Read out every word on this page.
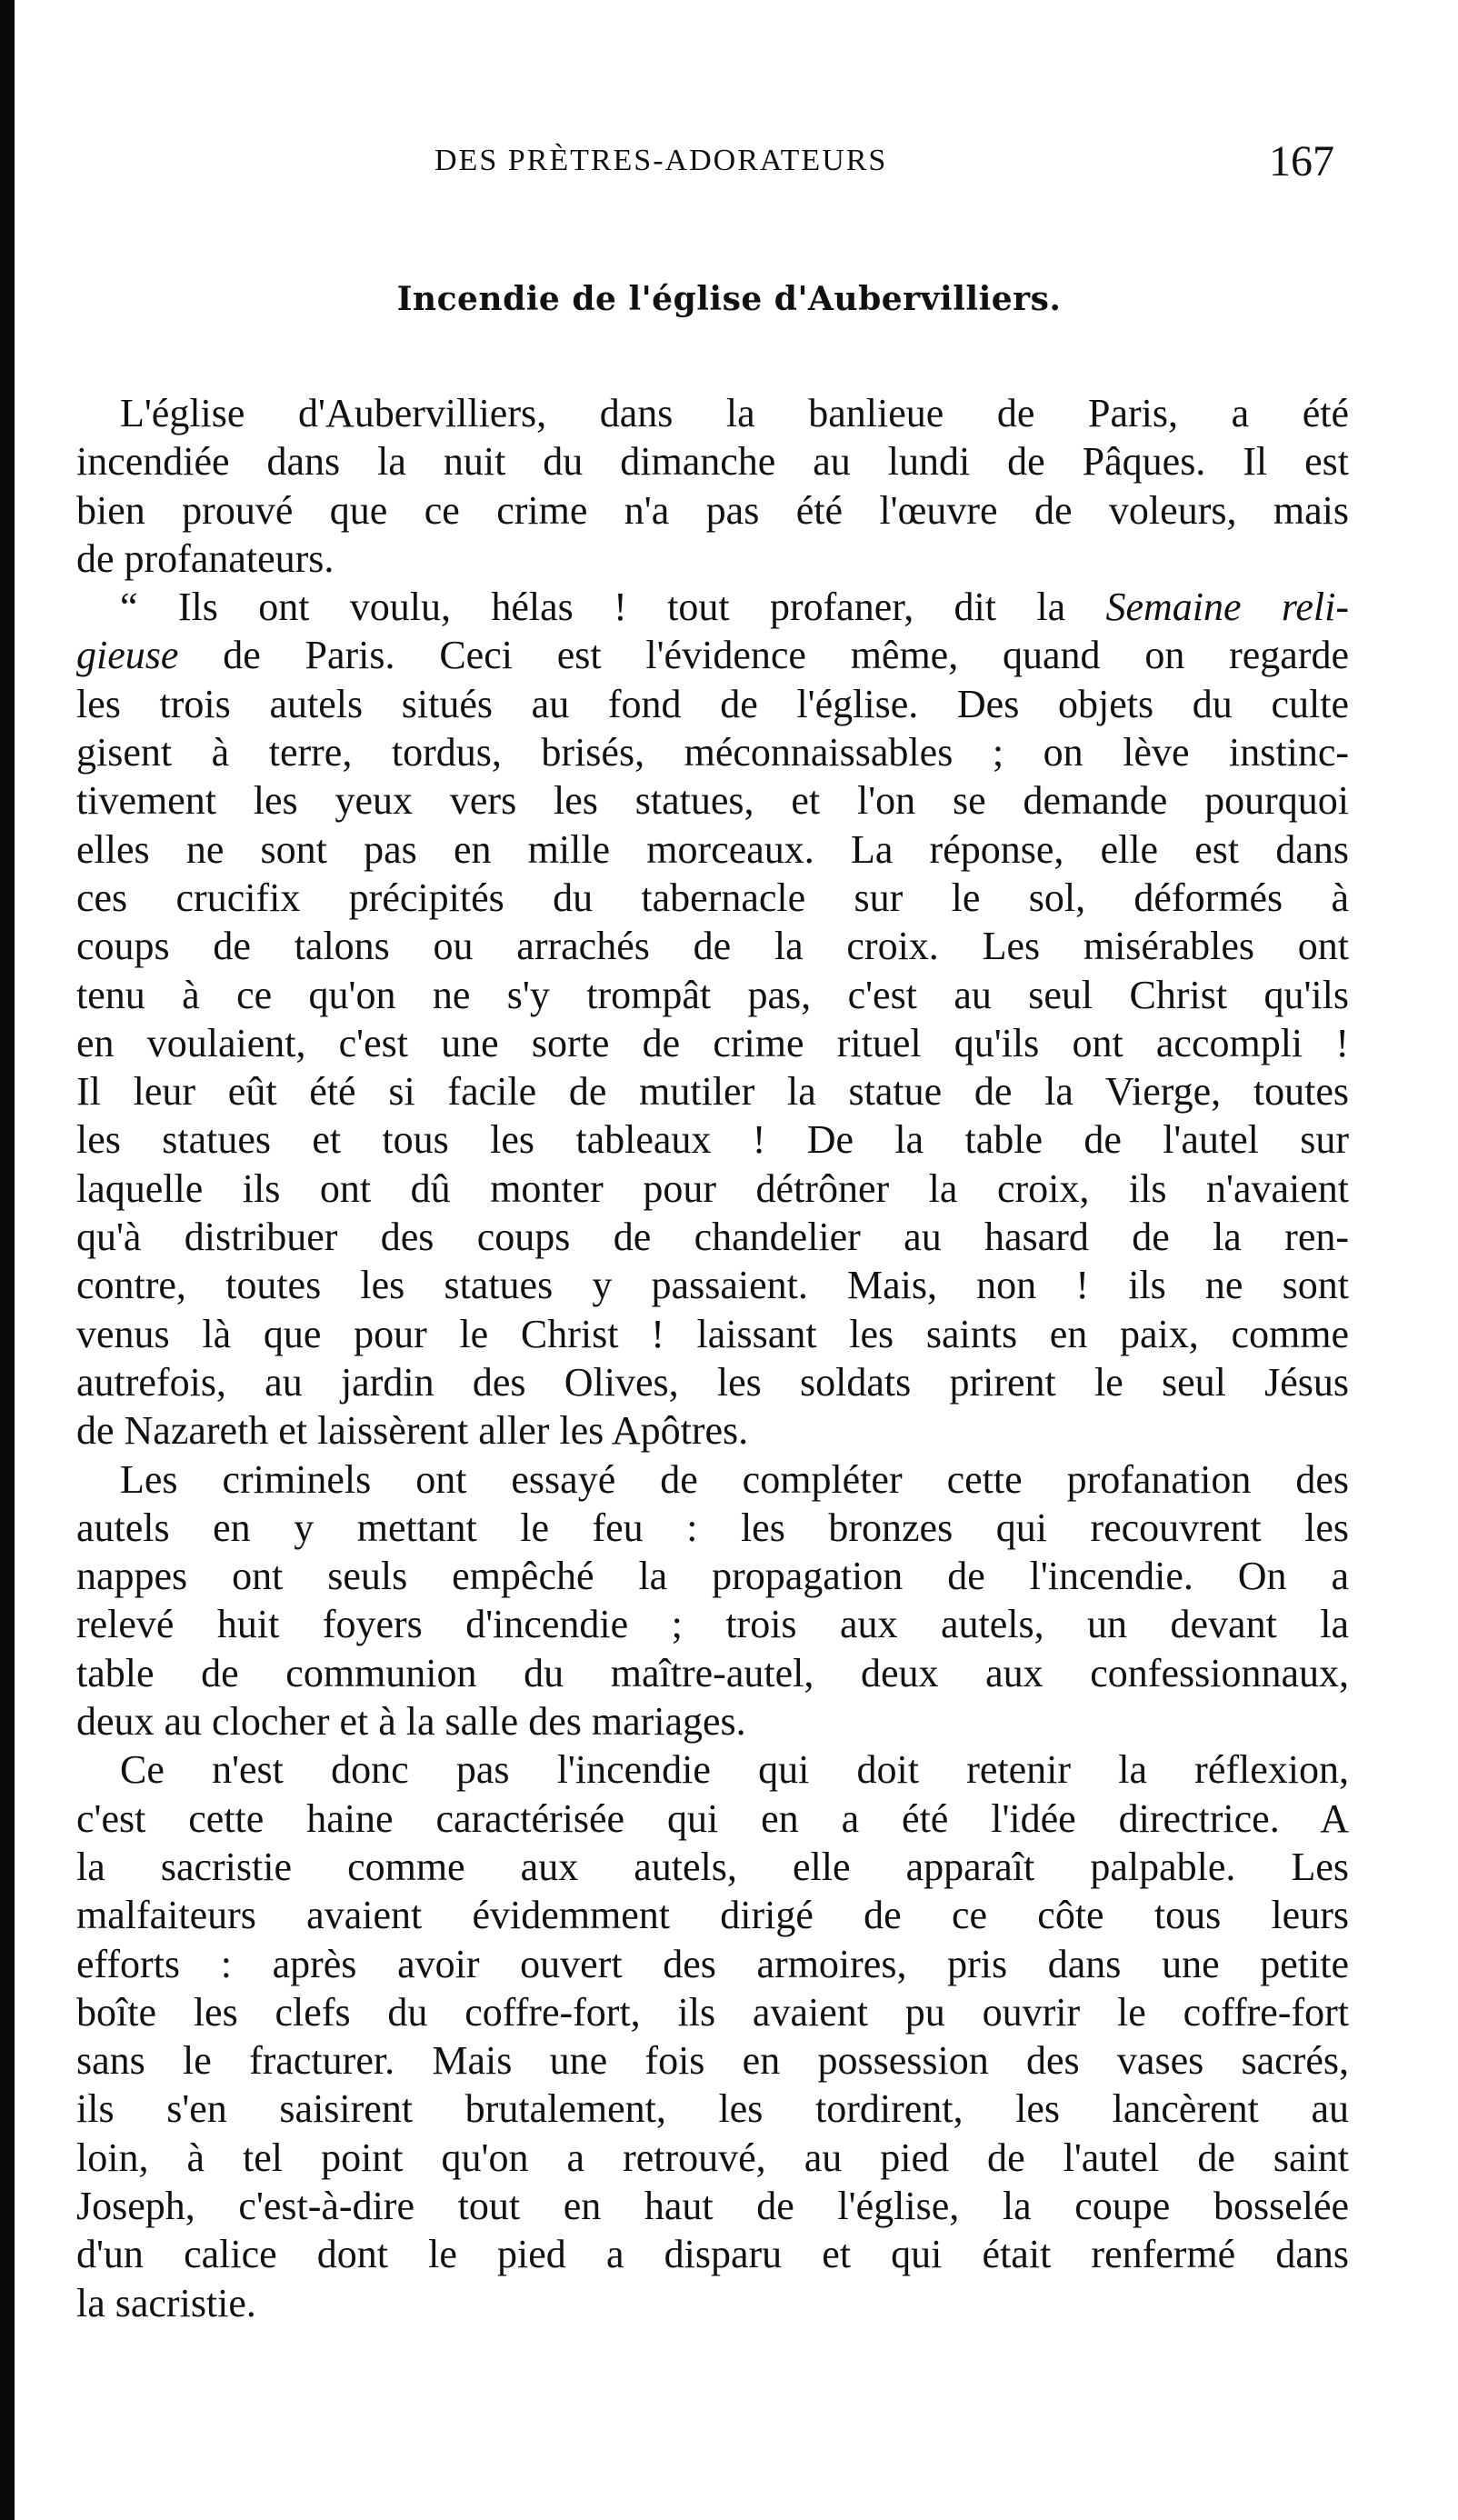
DES PRÈTRES-ADORATEURS	167
Incendie de l'église d'Aubervilliers.
L'église d'Aubervilliers, dans la banlieue de Paris, a été
incendiée dans la nuit du dimanche au lundi de Pâques. Il est
bien prouvé que ce crime n'a pas été l'œuvre de voleurs, mais
de profanateurs.
“ Ils ont voulu, hélas ! tout profaner, dit la Semaine reli-
gieuse de Paris. Ceci est l'évidence même, quand on regarde
les trois autels situés au fond de l'église. Des objets du culte
gisent à terre, tordus, brisés, méconnaissables ; on lève instinc-
tivement les yeux vers les statues, et l'on se demande pourquoi
elles ne sont pas en mille morceaux. La réponse, elle est dans
ces crucifix précipités du tabernacle sur le sol, déformés à
coups de talons ou arrachés de la croix. Les misérables ont
tenu à ce qu'on ne s'y trompât pas, c'est au seul Christ qu'ils
en voulaient, c'est une sorte de crime rituel qu'ils ont accompli !
Il leur eût été si facile de mutiler la statue de la Vierge, toutes
les statues et tous les tableaux ! De la table de l'autel sur
laquelle ils ont dû monter pour détrôner la croix, ils n'avaient
qu'à distribuer des coups de chandelier au hasard de la ren-
contre, toutes les statues y passaient. Mais, non ! ils ne sont
venus là que pour le Christ ! laissant les saints en paix, comme
autrefois, au jardin des Olives, les soldats prirent le seul Jésus
de Nazareth et laissèrent aller les Apôtres.
Les criminels ont essayé de compléter cette profanation des
autels en y mettant le feu : les bronzes qui recouvrent les
nappes ont seuls empêché la propagation de l'incendie. On a
relevé huit foyers d'incendie ; trois aux autels, un devant la
table de communion du maître-autel, deux aux confessionnaux,
deux au clocher et à la salle des mariages.
Ce n'est donc pas l'incendie qui doit retenir la réflexion,
c'est cette haine caractérisée qui en a été l'idée directrice. A
la sacristie comme aux autels, elle apparaît palpable. Les
malfaiteurs avaient évidemment dirigé de ce côte tous leurs
efforts : après avoir ouvert des armoires, pris dans une petite
boîte les clefs du coffre-fort, ils avaient pu ouvrir le coffre-fort
sans le fracturer. Mais une fois en possession des vases sacrés,
ils s'en saisirent brutalement, les tordirent, les lancèrent au
loin, à tel point qu'on a retrouvé, au pied de l'autel de saint
Joseph, c'est-à-dire tout en haut de l'église, la coupe bosselée
d'un calice dont le pied a disparu et qui était renfermé dans
la sacristie.
